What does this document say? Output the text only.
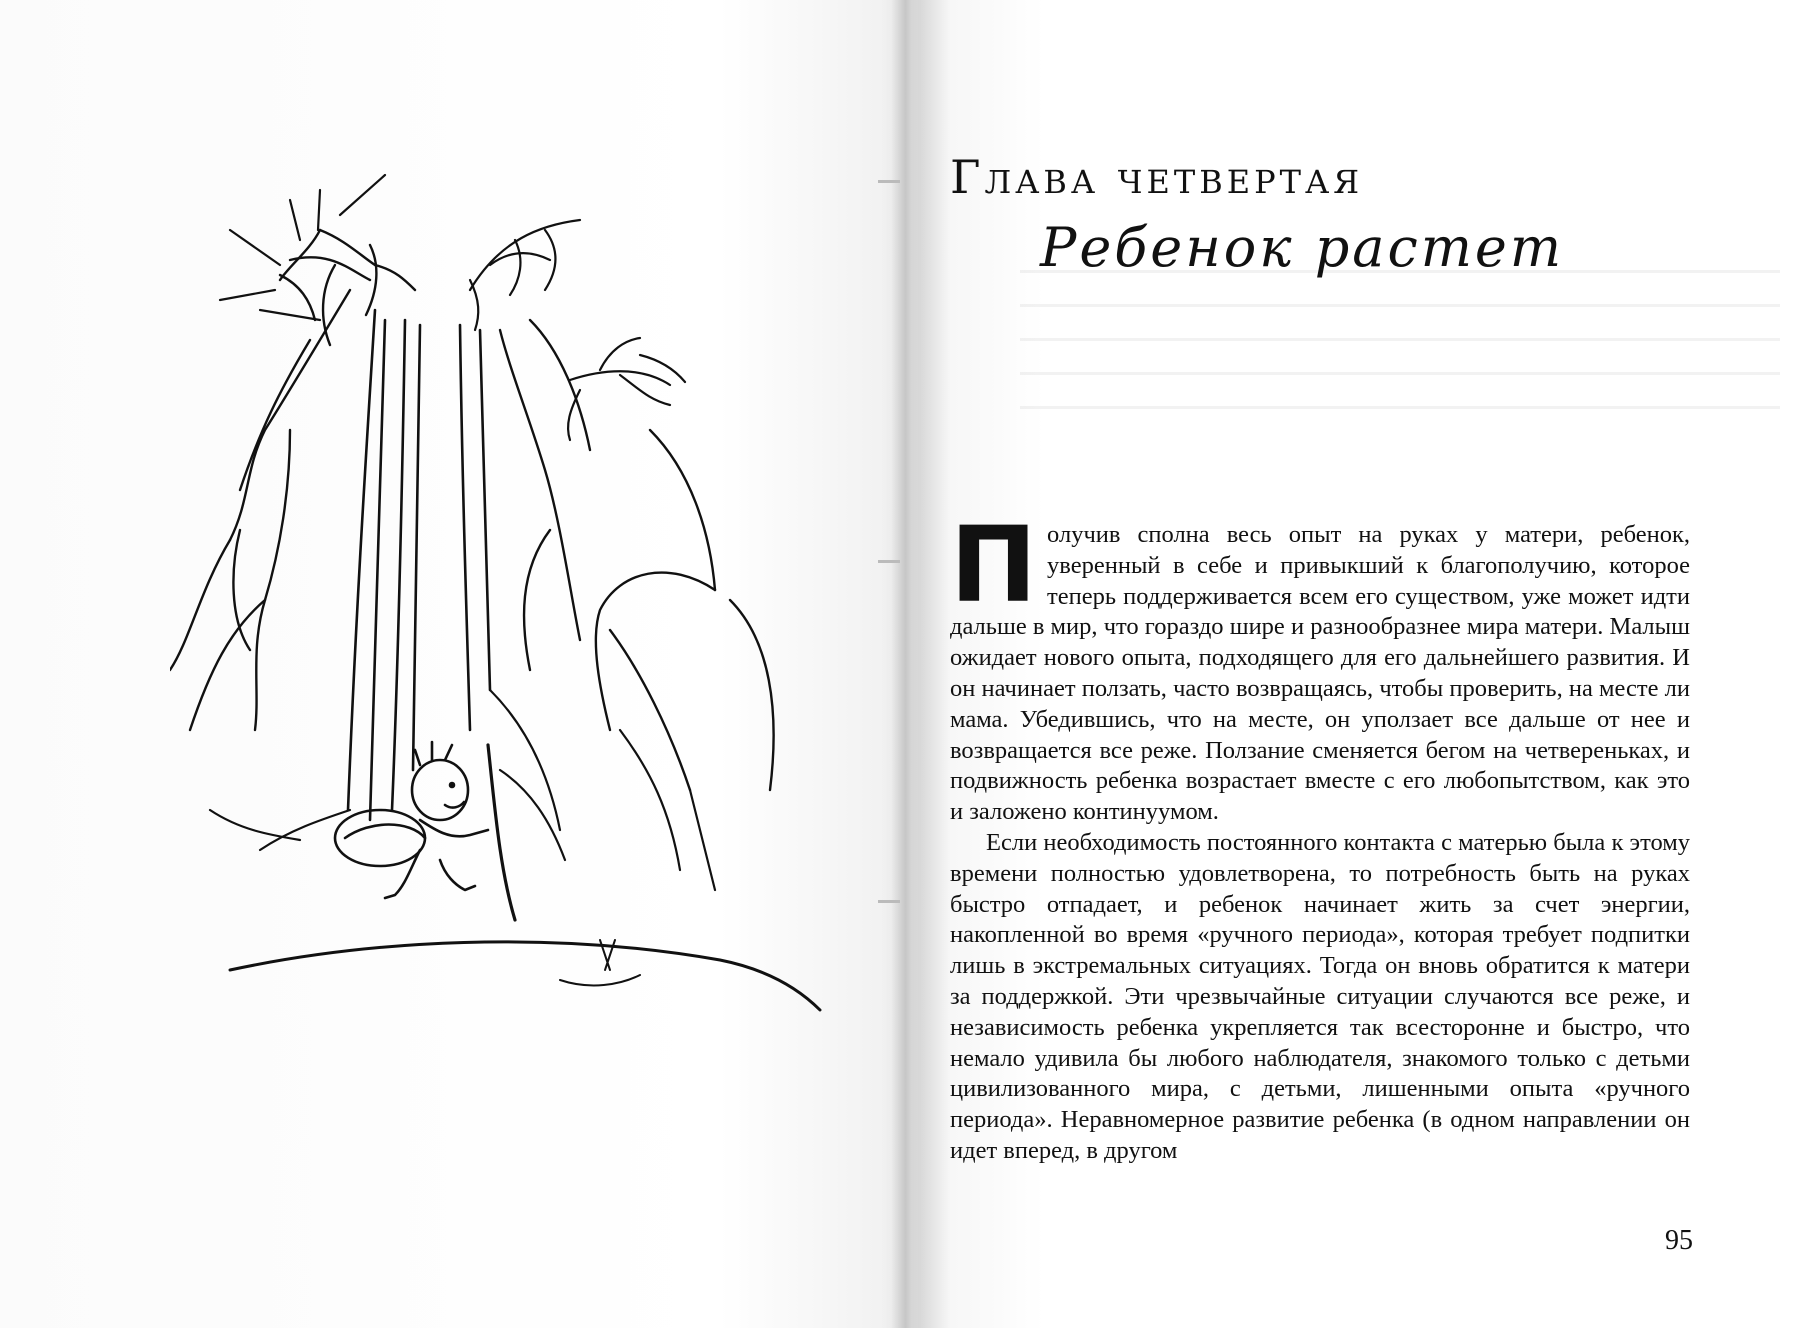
Глава четвертая
Ребенок растет

Получив сполна весь опыт на руках у матери, ребенок, уверенный в себе и привыкший к благополучию, которое теперь поддерживается всем его существом, уже может идти дальше в мир, что гораздо шире и разнообразнее мира матери. Малыш ожидает нового опыта, подходящего для его дальнейшего развития. И он начинает ползать, часто возвращаясь, чтобы проверить, на месте ли мама. Убедившись, что на месте, он уползает все дальше от нее и возвращается все реже. Ползание сменяется бегом на четвереньках, и подвижность ребенка возрастает вместе с его любопытством, как это и заложено континуумом.

Если необходимость постоянного контакта с матерью была к этому времени полностью удовлетворена, то потребность быть на руках быстро отпадает, и ребенок начинает жить за счет энергии, накопленной во время «ручного периода», которая требует подпитки лишь в экстремальных ситуациях. Тогда он вновь обратится к матери за поддержкой. Эти чрезвычайные ситуации случаются все реже, и независимость ребенка укрепляется так всесторонне и быстро, что немало удивила бы любого наблюдателя, знакомого только с детьми цивилизованного мира, с детьми, лишенными опыта «ручного периода». Неравномерное развитие ребенка (в одном направлении он идет вперед, в другом

95
